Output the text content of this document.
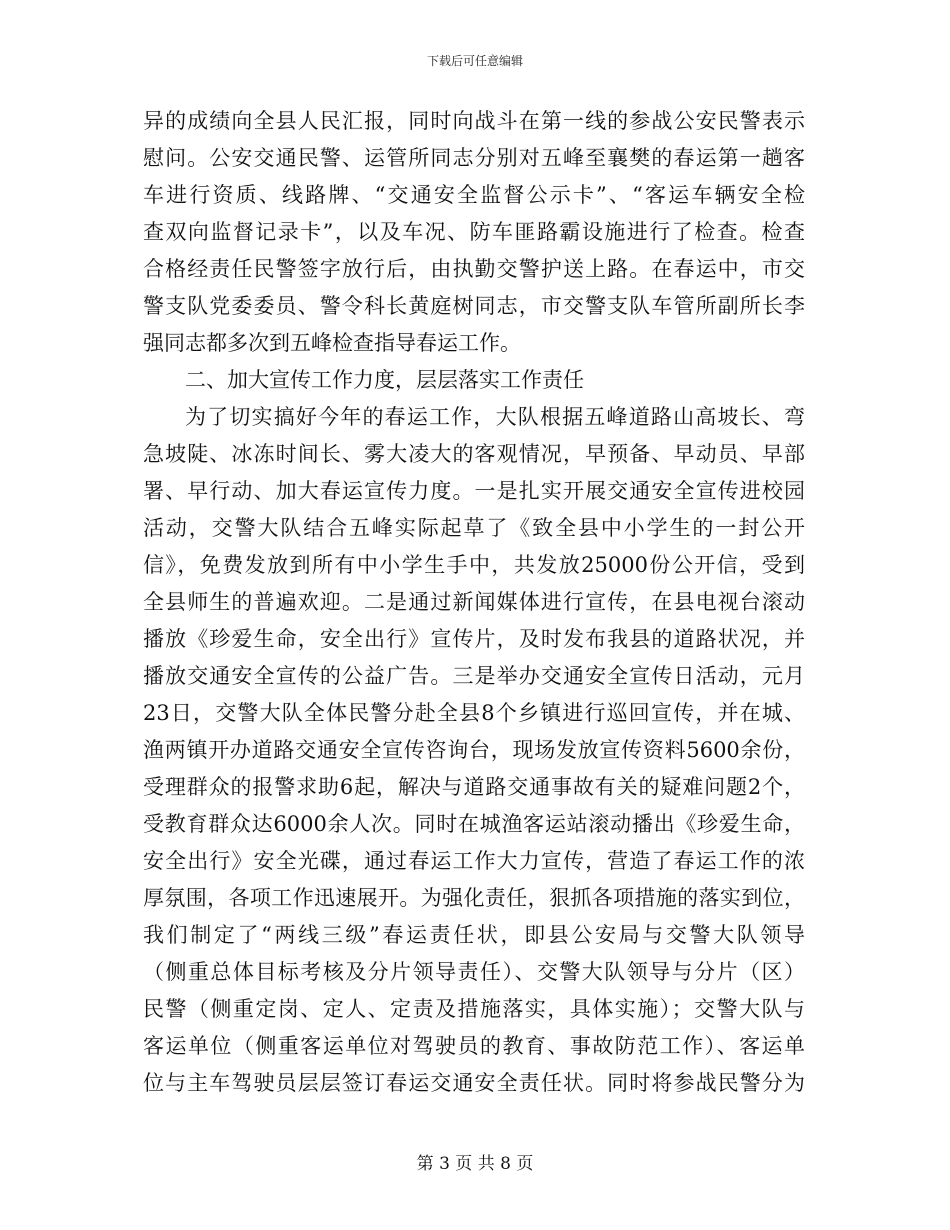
下载后可任意编辑
异的成绩向全县人民汇报，同时向战斗在第一线的参战公安民警表示
慰问。公安交通民警、运管所同志分别对五峰至襄樊的春运第一趟客
车进行资质、线路牌、“交通安全监督公示卡”、“客运车辆安全检
查双向监督记录卡”，以及车况、防车匪路霸设施进行了检查。检查
合格经责任民警签字放行后，由执勤交警护送上路。在春运中，市交
警支队党委委员、警令科长黄庭树同志，市交警支队车管所副所长李
强同志都多次到五峰检查指导春运工作。
二、加大宣传工作力度，层层落实工作责任
为了切实搞好今年的春运工作，大队根据五峰道路山高坡长、弯
急坡陡、冰冻时间长、雾大凌大的客观情况，早预备、早动员、早部
署、早行动、加大春运宣传力度。一是扎实开展交通安全宣传进校园
活动，交警大队结合五峰实际起草了《致全县中小学生的一封公开
信》，免费发放到所有中小学生手中，共发放25000份公开信，受到
全县师生的普遍欢迎。二是通过新闻媒体进行宣传，在县电视台滚动
播放《珍爱生命，安全出行》宣传片，及时发布我县的道路状况，并
播放交通安全宣传的公益广告。三是举办交通安全宣传日活动，元月
23日，交警大队全体民警分赴全县8个乡镇进行巡回宣传，并在城、
渔两镇开办道路交通安全宣传咨询台，现场发放宣传资料5600余份，
受理群众的报警求助6起，解决与道路交通事故有关的疑难问题2个，
受教育群众达6000余人次。同时在城渔客运站滚动播出《珍爱生命，
安全出行》安全光碟，通过春运工作大力宣传，营造了春运工作的浓
厚氛围，各项工作迅速展开。为强化责任，狠抓各项措施的落实到位，
我们制定了“两线三级”春运责任状，即县公安局与交警大队领导
（侧重总体目标考核及分片领导责任）、交警大队领导与分片（区）
民警（侧重定岗、定人、定责及措施落实，具体实施）；交警大队与
客运单位（侧重客运单位对驾驶员的教育、事故防范工作）、客运单
位与主车驾驶员层层签订春运交通安全责任状。同时将参战民警分为
第 3 页 共 8 页
